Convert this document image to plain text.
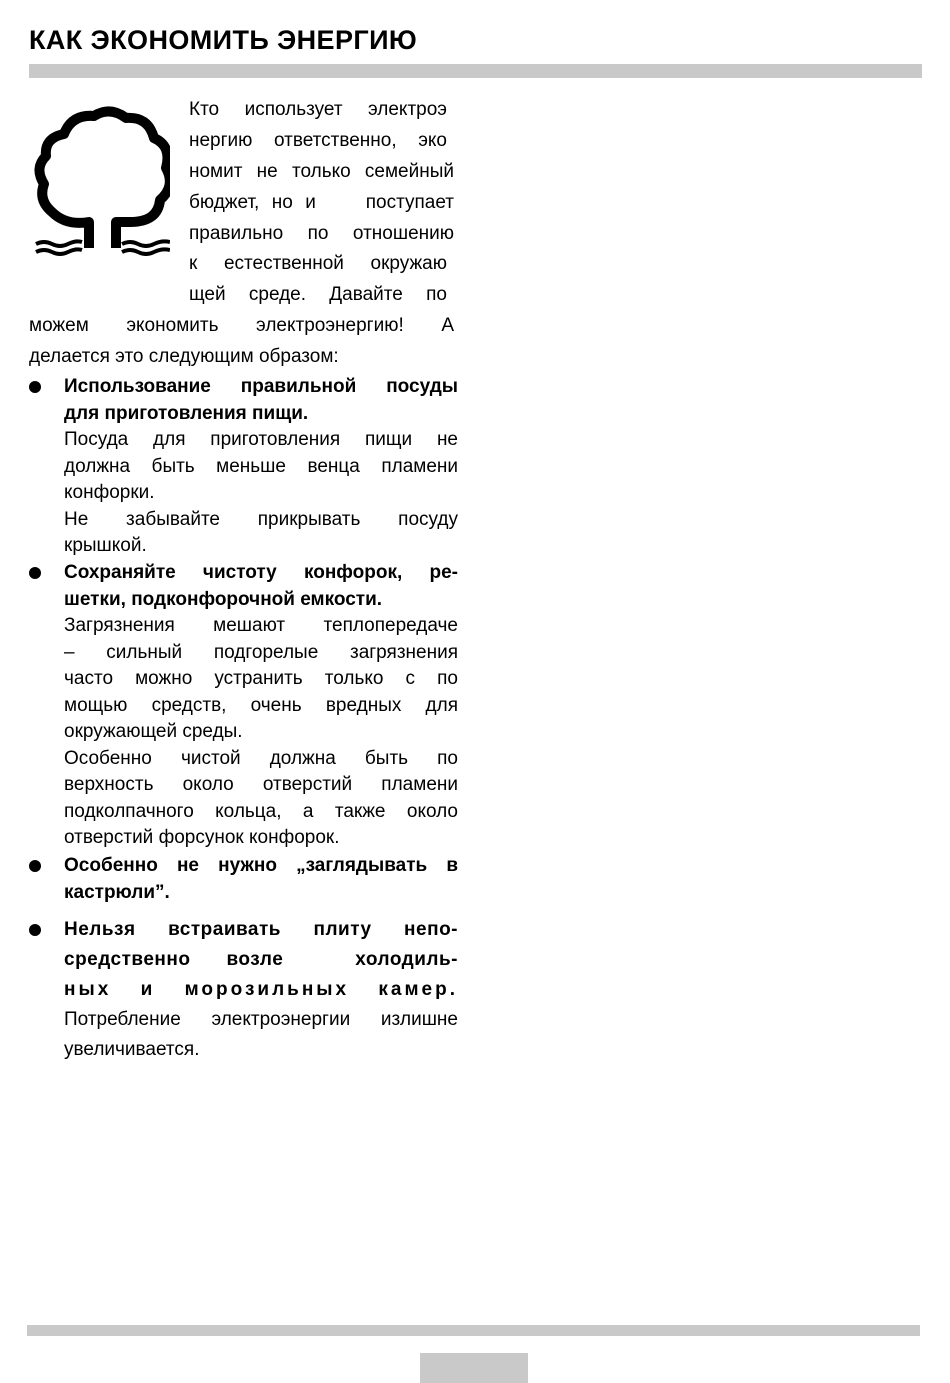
КАК ЭКОНОМИТЬ ЭНЕРГИЮ
Кто использует электроэ
нергию ответственно, эко
номит не только семейный
бюджет, но и    поступает
правильно по отношению
к естественной окружаю
щей среде. Давайте по
можем экономить электроэнергию! А
делается это следующим образом:
Использование правильной посуды
для приготовления пищи.
Посуда для приготовления пищи не
должна быть меньше венца пламени
конфорки.
Не забывайте прикрывать посуду
крышкой.
Сохраняйте чистоту конфорок, ре-
шетки, подконфорочной емкости.
Загрязнения мешают теплопередаче
– сильный подгорелые загрязнения
часто можно устранить только с по
мощью средств, очень вредных для
окружающей среды.
Особенно чистой должна быть по
верхность около отверстий пламени
подколпачного кольца, а также около
отверстий форсунок конфорок.
Особенно не нужно „заглядывать в
кастрюли”.
Нельзя встраивать плиту непо-
средственно возле  холодиль-
ных и морозильных камер.
Потребление электроэнергии излишне
увеличивается.
